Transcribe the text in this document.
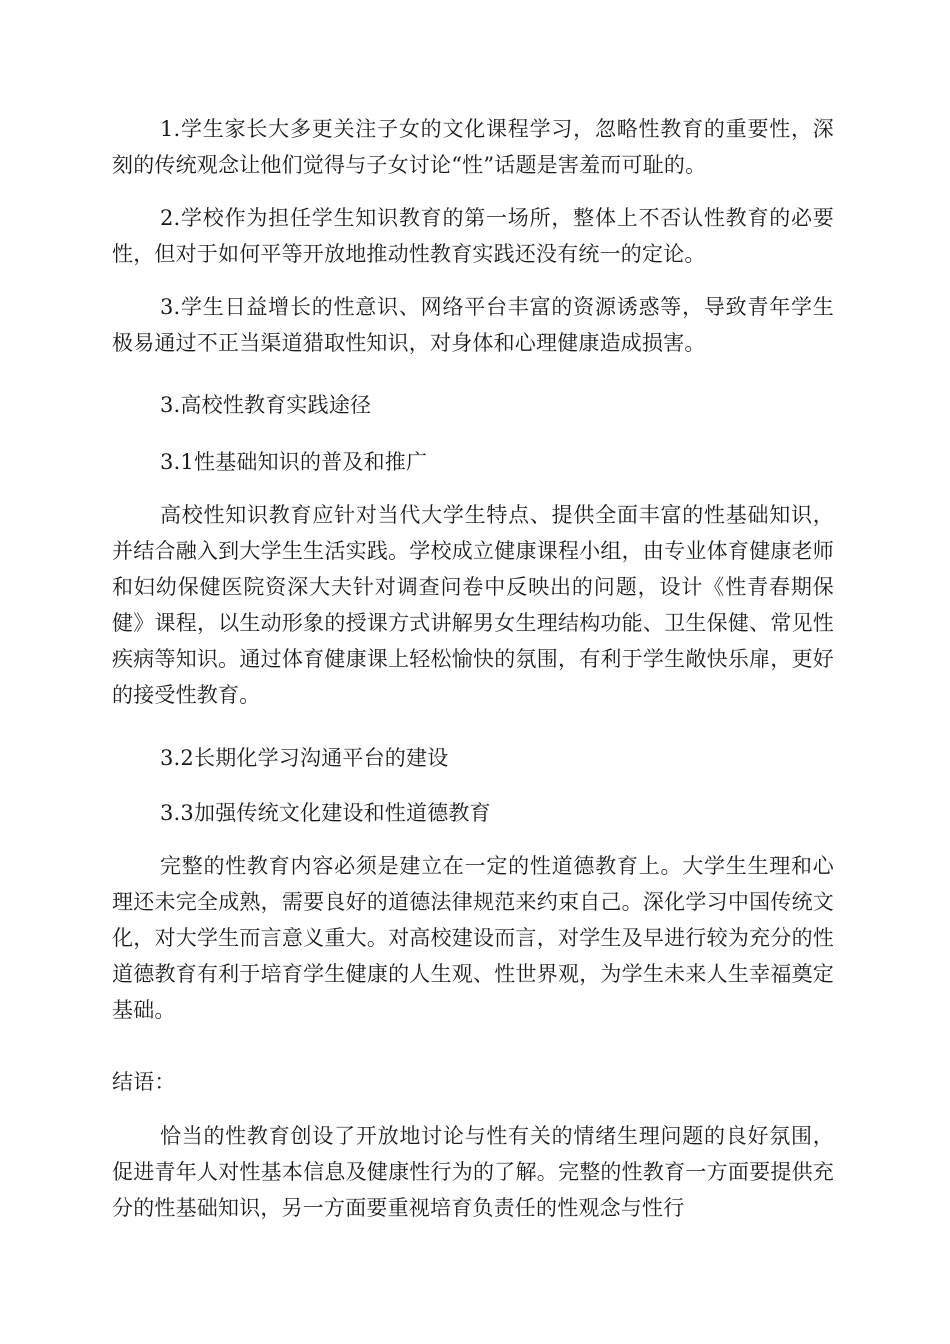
1.学生家长大多更关注子女的文化课程学习，忽略性教育的重要性，深刻的传统观念让他们觉得与子女讨论“性”话题是害羞而可耻的。

2.学校作为担任学生知识教育的第一场所，整体上不否认性教育的必要性，但对于如何平等开放地推动性教育实践还没有统一的定论。

3.学生日益增长的性意识、网络平台丰富的资源诱惑等，导致青年学生极易通过不正当渠道猎取性知识，对身体和心理健康造成损害。

3.高校性教育实践途径

3.1性基础知识的普及和推广

高校性知识教育应针对当代大学生特点、提供全面丰富的性基础知识，并结合融入到大学生生活实践。学校成立健康课程小组，由专业体育健康老师和妇幼保健医院资深大夫针对调查问卷中反映出的问题，设计《性青春期保健》课程，以生动形象的授课方式讲解男女生理结构功能、卫生保健、常见性疾病等知识。通过体育健康课上轻松愉快的氛围，有利于学生敞快乐扉，更好的接受性教育。

3.2长期化学习沟通平台的建设

3.3加强传统文化建设和性道德教育

完整的性教育内容必须是建立在一定的性道德教育上。大学生生理和心理还未完全成熟，需要良好的道德法律规范来约束自己。深化学习中国传统文化，对大学生而言意义重大。对高校建设而言，对学生及早进行较为充分的性道德教育有利于培育学生健康的人生观、性世界观，为学生未来人生幸福奠定基础。

结语：

恰当的性教育创设了开放地讨论与性有关的情绪生理问题的良好氛围，促进青年人对性基本信息及健康性行为的了解。完整的性教育一方面要提供充分的性基础知识，另一方面要重视培育负责任的性观念与性行
